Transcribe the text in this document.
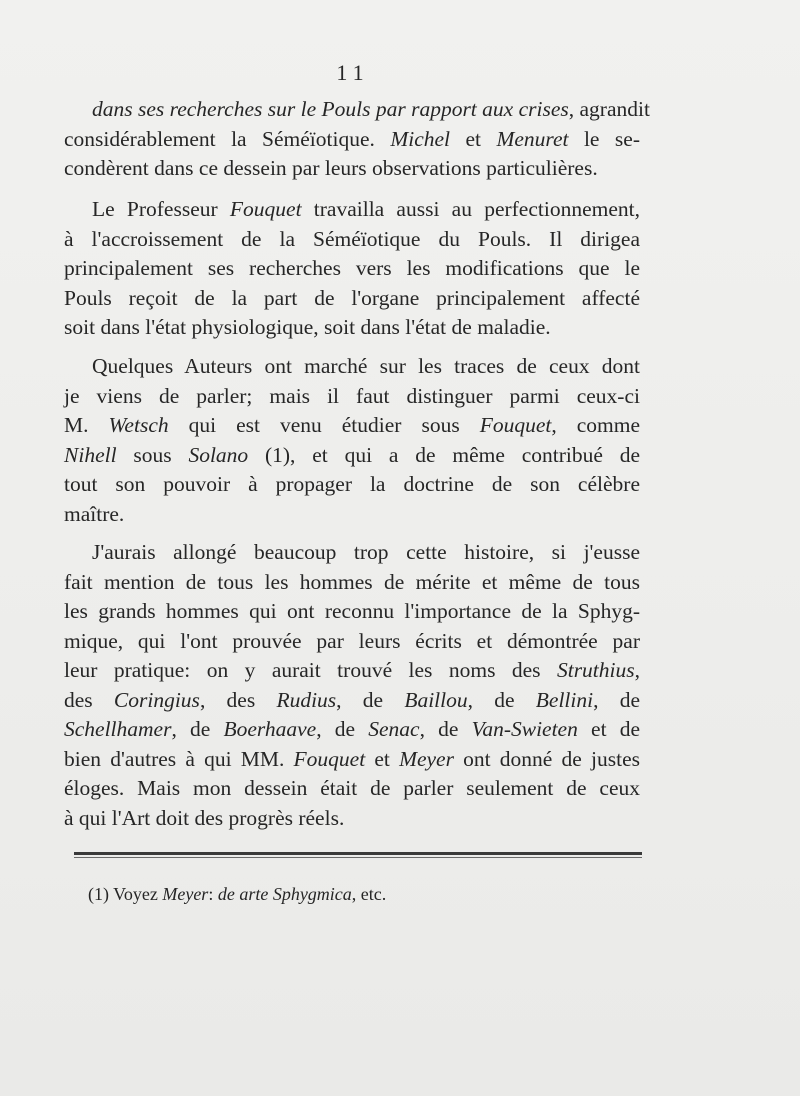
11
dans ses recherches sur le Pouls par rapport aux crises, agrandit
considérablement la Séméïotique. Michel et Menuret le se-
condèrent dans ce dessein par leurs observations particulières.
Le Professeur Fouquet travailla aussi au perfectionnement,
à l'accroissement de la Séméïotique du Pouls. Il dirigea
principalement ses recherches vers les modifications que le
Pouls reçoit de la part de l'organe principalement affecté
soit dans l'état physiologique, soit dans l'état de maladie.
Quelques Auteurs ont marché sur les traces de ceux dont
je viens de parler; mais il faut distinguer parmi ceux-ci
M. Wetsch qui est venu étudier sous Fouquet, comme
Nihell sous Solano (1), et qui a de même contribué de
tout son pouvoir à propager la doctrine de son célèbre
maître.
J'aurais allongé beaucoup trop cette histoire, si j'eusse
fait mention de tous les hommes de mérite et même de tous
les grands hommes qui ont reconnu l'importance de la Sphyg-
mique, qui l'ont prouvée par leurs écrits et démontrée par
leur pratique: on y aurait trouvé les noms des Struthius,
des Coringius, des Rudius, de Baillou, de Bellini, de
Schellhamer, de Boerhaave, de Senac, de Van-Swieten et de
bien d'autres à qui MM. Fouquet et Meyer ont donné de justes
éloges. Mais mon dessein était de parler seulement de ceux
à qui l'Art doit des progrès réels.
(1) Voyez Meyer: de arte Sphygmica, etc.
